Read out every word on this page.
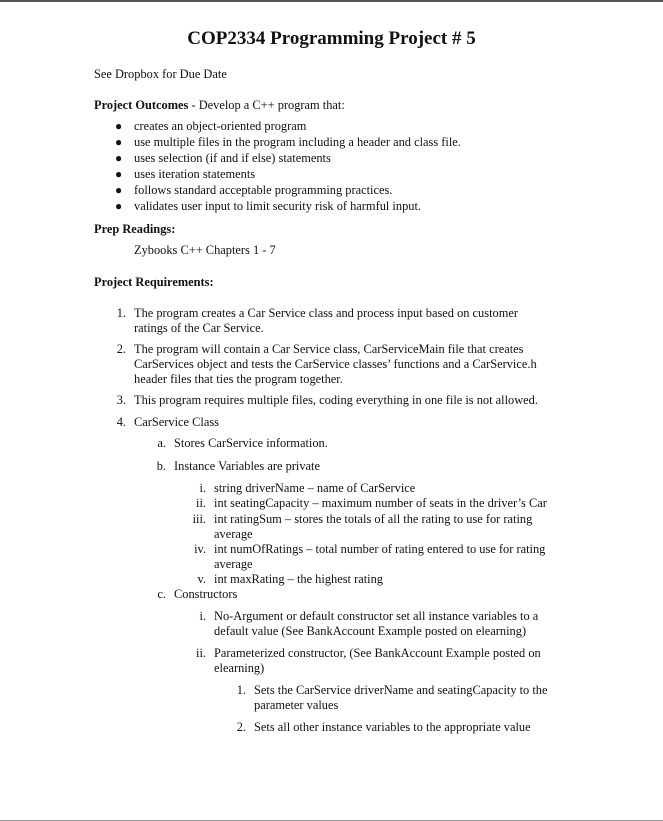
COP2334 Programming Project # 5
See Dropbox for Due Date
Project Outcomes - Develop a C++ program that:
● creates an object-oriented program
● use multiple files in the program including a header and class file.
● uses selection (if and if else) statements
● uses iteration statements
● follows standard acceptable programming practices.
● validates user input to limit security risk of harmful input.
Prep Readings:
Zybooks C++ Chapters 1 - 7
Project Requirements:
1. The program creates a Car Service class and process input based on customer
ratings of the Car Service.
2. The program will contain a Car Service class, CarServiceMain file that creates
CarServices object and tests the CarService classes’ functions and a CarService.h
header files that ties the program together.
3. This program requires multiple files, coding everything in one file is not allowed.
4. CarService Class
a. Stores CarService information.
b. Instance Variables are private
i. string driverName – name of CarService
ii. int seatingCapacity – maximum number of seats in the driver’s Car
iii. int ratingSum – stores the totals of all the rating to use for rating
average
iv. int numOfRatings – total number of rating entered to use for rating
average
v. int maxRating – the highest rating
c. Constructors
i. No-Argument or default constructor set all instance variables to a
default value (See BankAccount Example posted on elearning)
ii. Parameterized constructor, (See BankAccount Example posted on
elearning)
1. Sets the CarService driverName and seatingCapacity to the
parameter values
2. Sets all other instance variables to the appropriate value
